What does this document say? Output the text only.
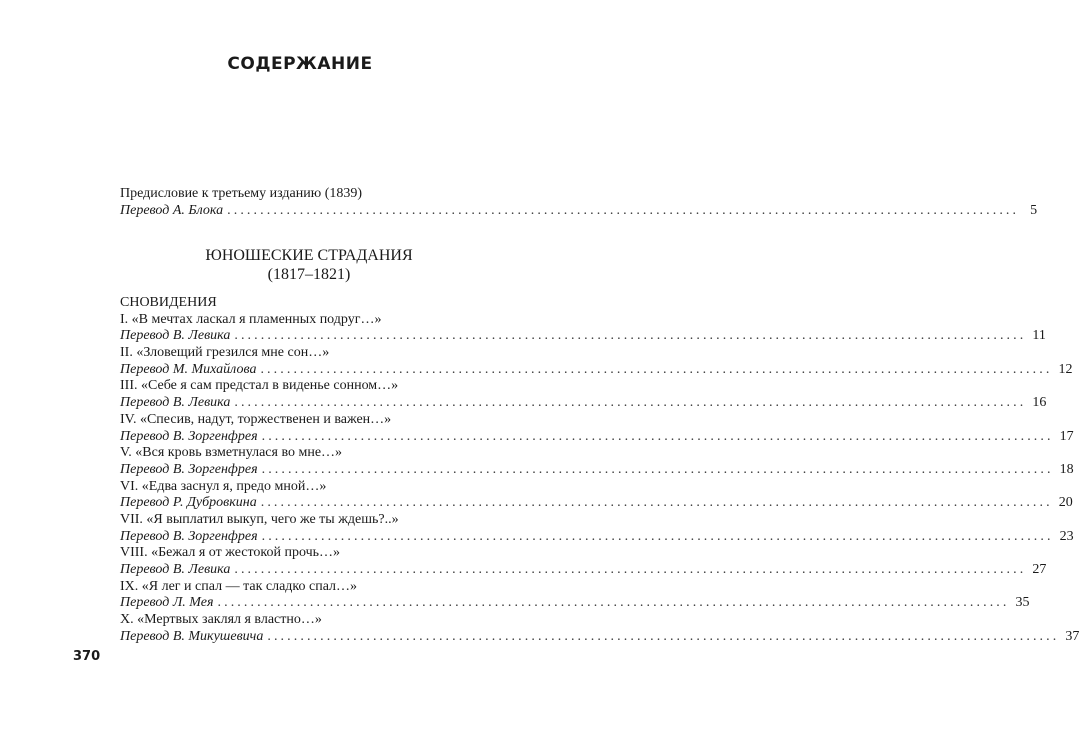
СОДЕРЖАНИЕ
Предисловие к третьему изданию (1839)
Перевод А. Блока ........................................................................................................................ 5
ЮНОШЕСКИЕ СТРАДАНИЯ
(1817–1821)
СНОВИДЕНИЯ
I. «В мечтах ласкал я пламенных подруг…»
Перевод В. Левика ........................................................................................................................ 11
II. «Зловещий грезился мне сон…»
Перевод М. Михайлова ........................................................................................................................ 12
III. «Себе я сам предстал в виденье сонном…»
Перевод В. Левика ........................................................................................................................ 16
IV. «Спесив, надут, торжественен и важен…»
Перевод В. Зоргенфрея ........................................................................................................................ 17
V. «Вся кровь взметнулася во мне…»
Перевод В. Зоргенфрея ........................................................................................................................ 18
VI. «Едва заснул я, предо мной…»
Перевод Р. Дубровкина ........................................................................................................................ 20
VII. «Я выплатил выкуп, чего же ты ждешь?..»
Перевод В. Зоргенфрея ........................................................................................................................ 23
VIII. «Бежал я от жестокой прочь…»
Перевод В. Левика ........................................................................................................................ 27
IX. «Я лег и спал — так сладко спал…»
Перевод Л. Мея ........................................................................................................................ 35
X. «Мертвых заклял я властно…»
Перевод В. Микушевича ........................................................................................................................ 37
370
